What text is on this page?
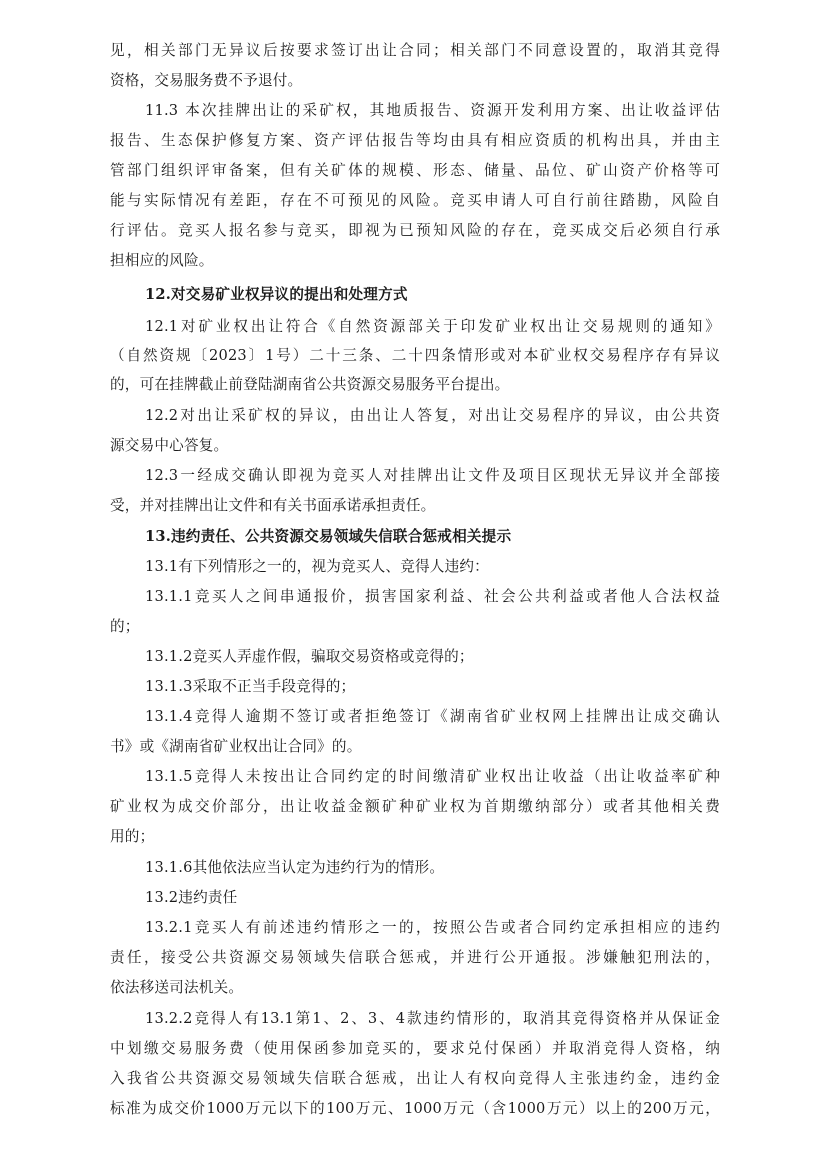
见，相关部门无异议后按要求签订出让合同；相关部门不同意设置的，取消其竞得
资格，交易服务费不予退付。
11.3 本次挂牌出让的采矿权，其地质报告、资源开发利用方案、出让收益评估
报告、生态保护修复方案、资产评估报告等均由具有相应资质的机构出具，并由主
管部门组织评审备案，但有关矿体的规模、形态、储量、品位、矿山资产价格等可
能与实际情况有差距，存在不可预见的风险。竞买申请人可自行前往踏勘，风险自
行评估。竞买人报名参与竞买，即视为已预知风险的存在，竞买成交后必须自行承
担相应的风险。
12.对交易矿业权异议的提出和处理方式
12.1对矿业权出让符合《自然资源部关于印发矿业权出让交易规则的通知》
（自然资规〔2023〕1号）二十三条、二十四条情形或对本矿业权交易程序存有异议
的，可在挂牌截止前登陆湖南省公共资源交易服务平台提出。
12.2对出让采矿权的异议，由出让人答复，对出让交易程序的异议，由公共资
源交易中心答复。
12.3一经成交确认即视为竞买人对挂牌出让文件及项目区现状无异议并全部接
受，并对挂牌出让文件和有关书面承诺承担责任。
13.违约责任、公共资源交易领域失信联合惩戒相关提示
13.1有下列情形之一的，视为竞买人、竞得人违约：
13.1.1竞买人之间串通报价，损害国家利益、社会公共利益或者他人合法权益
的；
13.1.2竞买人弄虚作假，骗取交易资格或竞得的；
13.1.3采取不正当手段竞得的；
13.1.4竞得人逾期不签订或者拒绝签订《湖南省矿业权网上挂牌出让成交确认
书》或《湖南省矿业权出让合同》的。
13.1.5竞得人未按出让合同约定的时间缴清矿业权出让收益（出让收益率矿种
矿业权为成交价部分，出让收益金额矿种矿业权为首期缴纳部分）或者其他相关费
用的；
13.1.6其他依法应当认定为违约行为的情形。
13.2违约责任
13.2.1竞买人有前述违约情形之一的，按照公告或者合同约定承担相应的违约
责任，接受公共资源交易领域失信联合惩戒，并进行公开通报。涉嫌触犯刑法的，
依法移送司法机关。
13.2.2竞得人有13.1第1、2、3、4款违约情形的，取消其竞得资格并从保证金
中划缴交易服务费（使用保函参加竞买的，要求兑付保函）并取消竞得人资格，纳
入我省公共资源交易领域失信联合惩戒，出让人有权向竞得人主张违约金，违约金
标准为成交价1000万元以下的100万元、1000万元（含1000万元）以上的200万元，
